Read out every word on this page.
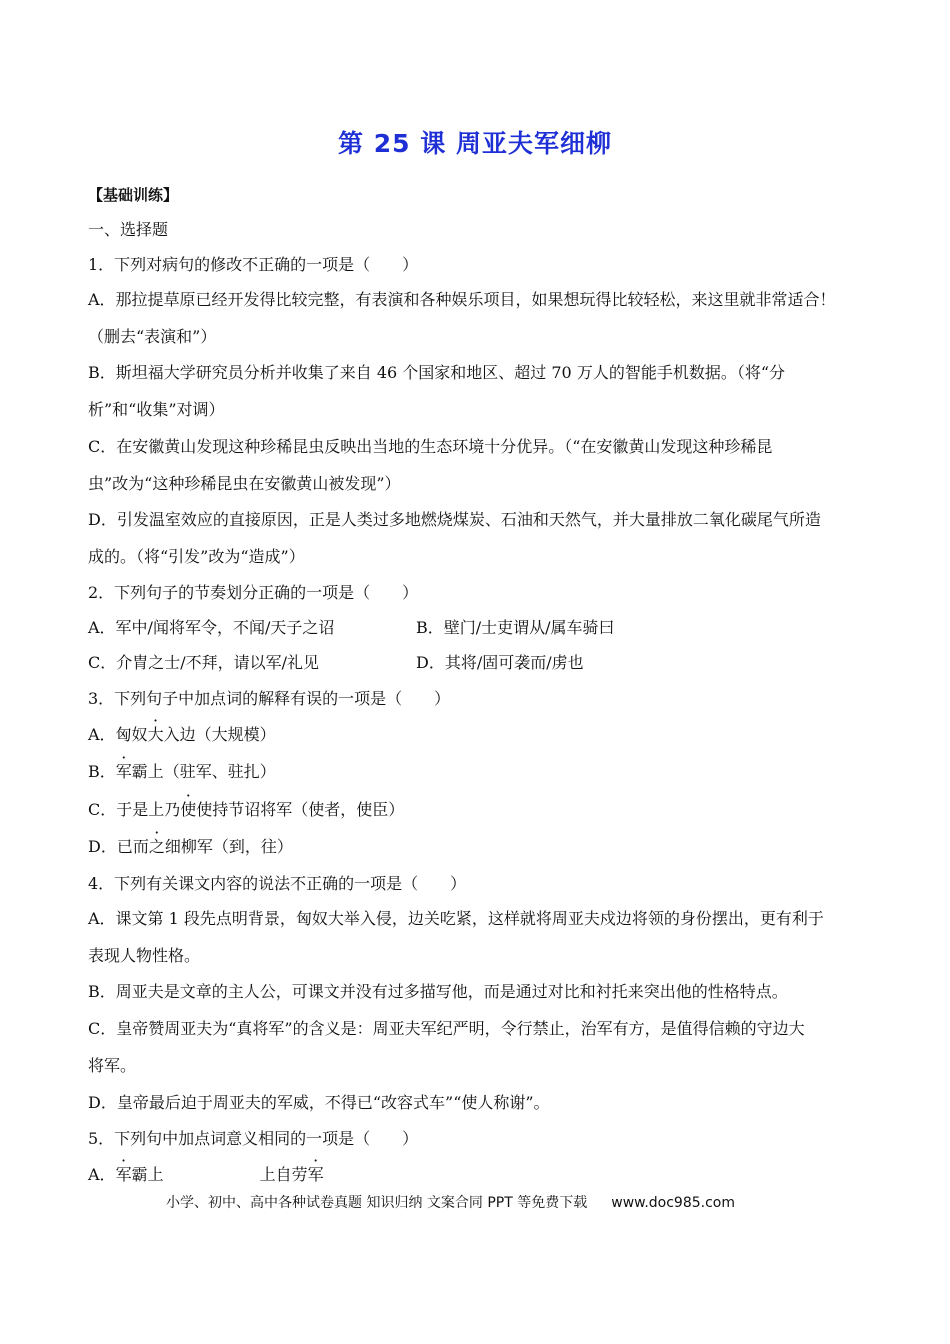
第 25 课 周亚夫军细柳
【基础训练】
一、选择题
1．下列对病句的修改不正确的一项是（　　）
A．那拉提草原已经开发得比较完整，有表演和各种娱乐项目，如果想玩得比较轻松，来这里就非常适合！
（删去“表演和”）
B．斯坦福大学研究员分析并收集了来自 46 个国家和地区、超过 70 万人的智能手机数据。（将“分
析”和“收集”对调）
C．在安徽黄山发现这种珍稀昆虫反映出当地的生态环境十分优异。（“在安徽黄山发现这种珍稀昆
虫”改为“这种珍稀昆虫在安徽黄山被发现”）
D．引发温室效应的直接原因，正是人类过多地燃烧煤炭、石油和天然气，并大量排放二氧化碳尾气所造
成的。（将“引发”改为“造成”）
2．下列句子的节奏划分正确的一项是（　　）
A．军中/闻将军令，不闻/天子之诏	B．壁门/士吏谓从/属车骑曰
C．介胄之士/不拜，请以军/礼见	D．其将/固可袭而/虏也
3．下列句子中加点词的解释有误的一项是（　　）
A．匈奴大入边（大规模）
B．军霸上（驻军、驻扎）
C．于是上乃使使持节诏将军（使者，使臣）
D．已而之细柳军（到，往）
4．下列有关课文内容的说法不正确的一项是（　　）
A．课文第 1 段先点明背景，匈奴大举入侵，边关吃紧，这样就将周亚夫戍边将领的身份摆出，更有利于
表现人物性格。
B．周亚夫是文章的主人公，可课文并没有过多描写他，而是通过对比和衬托来突出他的性格特点。
C．皇帝赞周亚夫为“真将军”的含义是：周亚夫军纪严明，令行禁止，治军有方，是值得信赖的守边大
将军。
D．皇帝最后迫于周亚夫的军威，不得已“改容式车”“使人称谢”。
5．下列句中加点词意义相同的一项是（　　）
A．军霸上	上自劳军
小学、初中、高中各种试卷真题 知识归纳 文案合同 PPT 等免费下载 www.doc985.com
